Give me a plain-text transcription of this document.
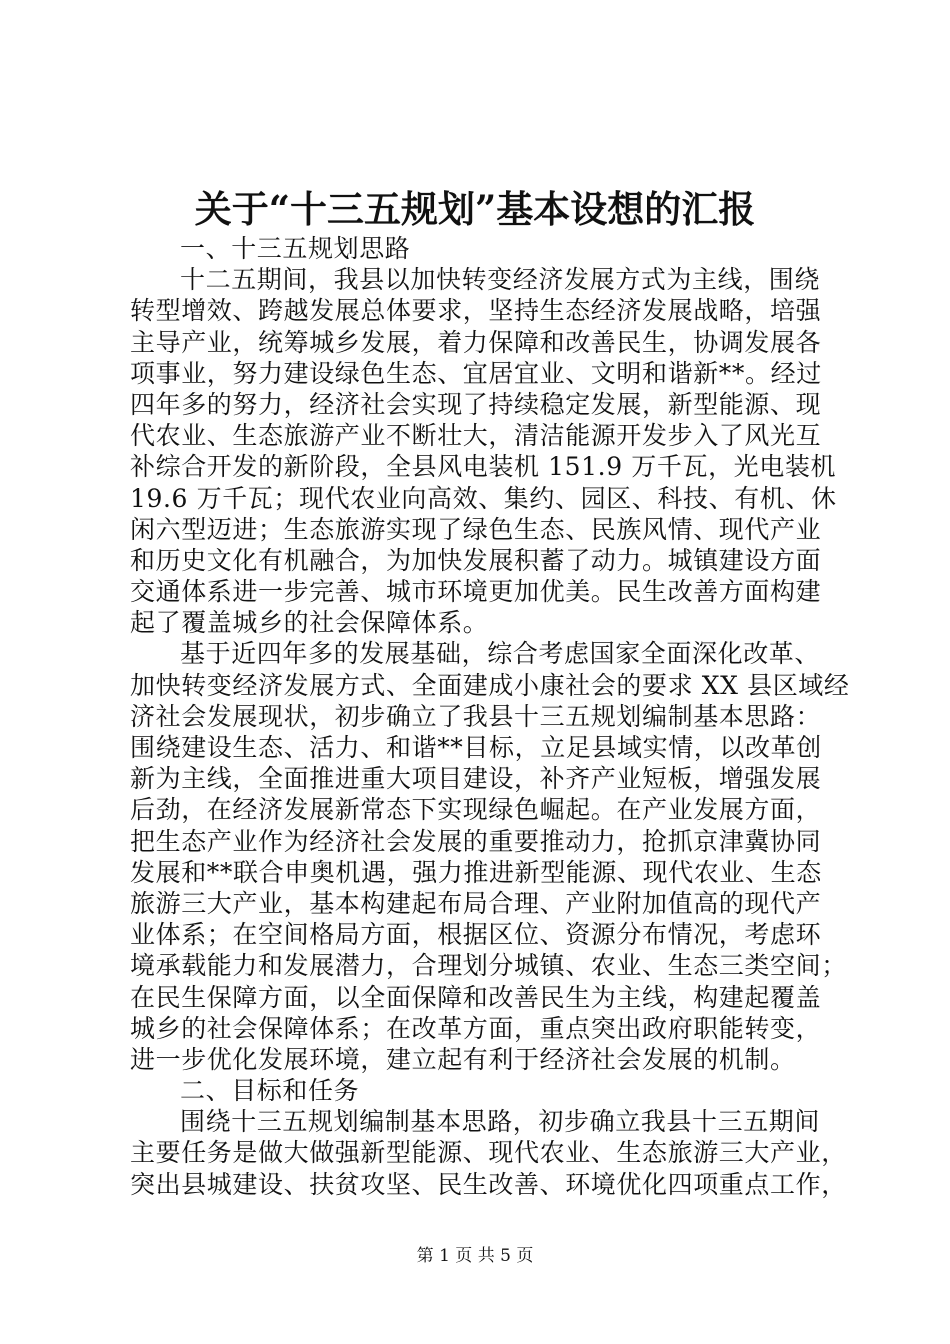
关于“十三五规划”基本设想的汇报
一、十三五规划思路
十二五期间，我县以加快转变经济发展方式为主线，围绕
转型增效、跨越发展总体要求，坚持生态经济发展战略，培强
主导产业，统筹城乡发展，着力保障和改善民生，协调发展各
项事业，努力建设绿色生态、宜居宜业、文明和谐新**。经过
四年多的努力，经济社会实现了持续稳定发展，新型能源、现
代农业、生态旅游产业不断壮大，清洁能源开发步入了风光互
补综合开发的新阶段，全县风电装机 151.9 万千瓦，光电装机
19.6 万千瓦；现代农业向高效、集约、园区、科技、有机、休
闲六型迈进；生态旅游实现了绿色生态、民族风情、现代产业
和历史文化有机融合，为加快发展积蓄了动力。城镇建设方面
交通体系进一步完善、城市环境更加优美。民生改善方面构建
起了覆盖城乡的社会保障体系。
基于近四年多的发展基础，综合考虑国家全面深化改革、
加快转变经济发展方式、全面建成小康社会的要求 XX 县区域经
济社会发展现状，初步确立了我县十三五规划编制基本思路：
围绕建设生态、活力、和谐**目标，立足县域实情，以改革创
新为主线，全面推进重大项目建设，补齐产业短板，增强发展
后劲，在经济发展新常态下实现绿色崛起。在产业发展方面，
把生态产业作为经济社会发展的重要推动力，抢抓京津冀协同
发展和**联合申奥机遇，强力推进新型能源、现代农业、生态
旅游三大产业，基本构建起布局合理、产业附加值高的现代产
业体系；在空间格局方面，根据区位、资源分布情况，考虑环
境承载能力和发展潜力，合理划分城镇、农业、生态三类空间；
在民生保障方面，以全面保障和改善民生为主线，构建起覆盖
城乡的社会保障体系；在改革方面，重点突出政府职能转变，
进一步优化发展环境，建立起有利于经济社会发展的机制。
二、目标和任务
围绕十三五规划编制基本思路，初步确立我县十三五期间
主要任务是做大做强新型能源、现代农业、生态旅游三大产业，
突出县城建设、扶贫攻坚、民生改善、环境优化四项重点工作，
第 1 页 共 5 页
